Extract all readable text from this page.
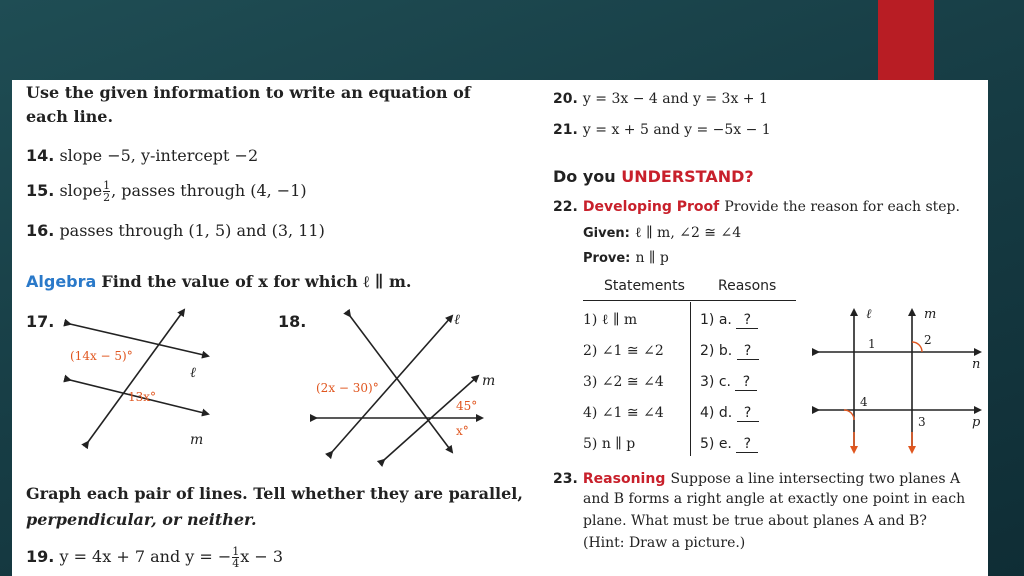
Use the given information to write an equation of
each line.
14. slope −5, y-intercept −2
15. slope $\frac{1}{2}$ , passes through (4, −1)
16. passes through (1, 5) and (3, 11)
Algebra Find the value of x for which ℓ ∥ m.
17.
(14x − 5)°
13x°
ℓ
m
18.
(2x − 30)°
45°
x°
ℓ
m
Graph each pair of lines. Tell whether they are parallel,
perpendicular, or neither.
19. y = 4x + 7 and y = − $\frac{1}{4}$ x − 3
20. y = 3x − 4 and y = 3x + 1
21. y = x + 5 and y = −5x − 1
Do you UNDERSTAND?
22. Developing Proof Provide the reason for each step.
Given: ℓ ∥ m, ∠2 ≅ ∠4
Prove: n ∥ p
Statements Reasons
1) ℓ ∥ m
2) ∠1 ≅ ∠2
3) ∠2 ≅ ∠4
4) ∠1 ≅ ∠4
5) n ∥ p
1) a. ?
2) b. ?
3) c. ?
4) d. ?
5) e. ?
ℓ	m
n
p
1	2
3
4
23. Reasoning Suppose a line intersecting two planes A
and B forms a right angle at exactly one point in each
plane. What must be true about planes A and B?
(Hint: Draw a picture.)
